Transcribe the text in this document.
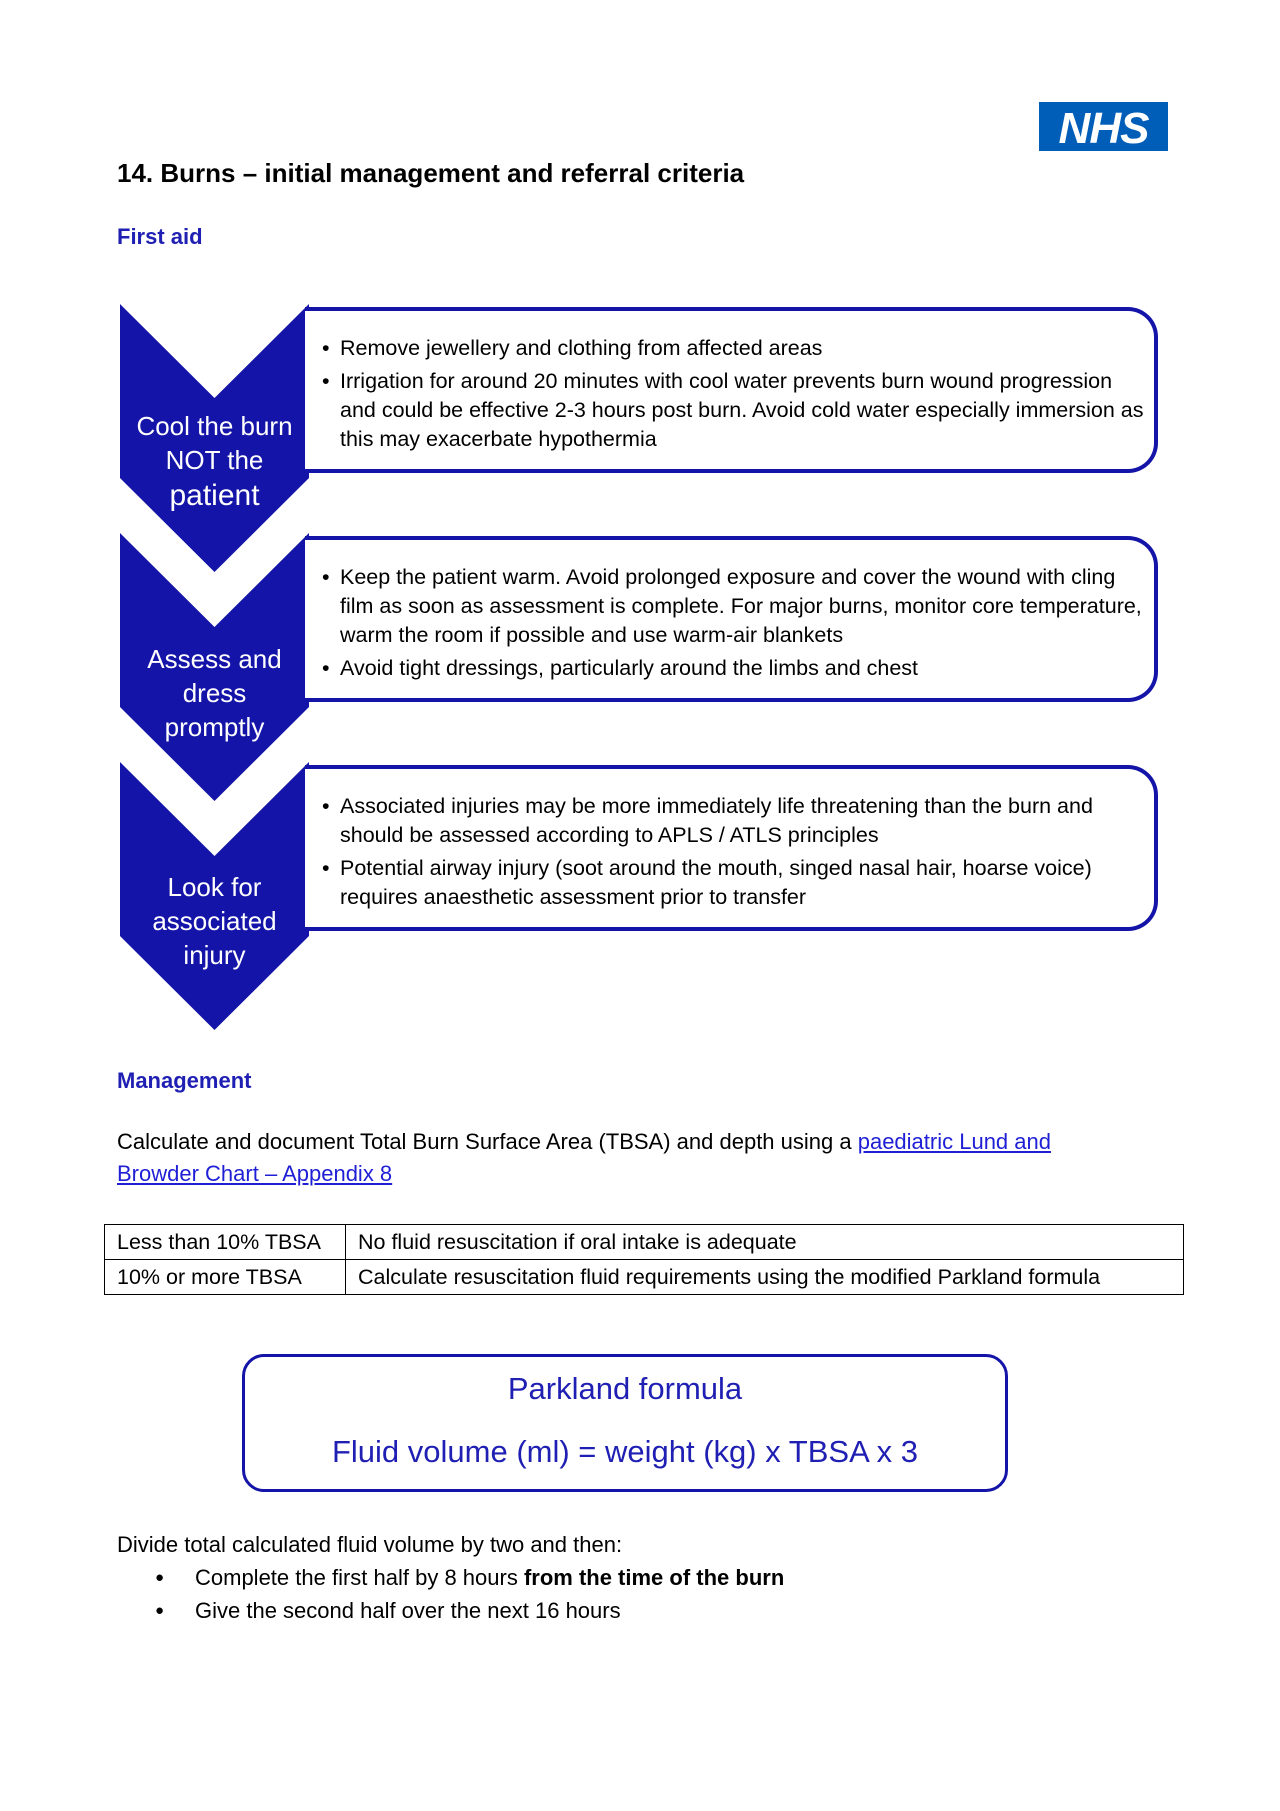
NHS
14. Burns – initial management and referral criteria
First aid
Cool the burn
NOT the
patient
• Remove jewellery and clothing from affected areas
• Irrigation for around 20 minutes with cool water prevents burn wound progression and could be effective 2-3 hours post burn. Avoid cold water especially immersion as this may exacerbate hypothermia
Assess and
dress
promptly
• Keep the patient warm. Avoid prolonged exposure and cover the wound with cling film as soon as assessment is complete. For major burns, monitor core temperature, warm the room if possible and use warm-air blankets
• Avoid tight dressings, particularly around the limbs and chest
Look for
associated
injury
• Associated injuries may be more immediately life threatening than the burn and should be assessed according to APLS / ATLS principles
• Potential airway injury (soot around the mouth, singed nasal hair, hoarse voice) requires anaesthetic assessment prior to transfer
Management
Calculate and document Total Burn Surface Area (TBSA) and depth using a paediatric Lund and Browder Chart – Appendix 8
Less than 10% TBSA	No fluid resuscitation if oral intake is adequate
10% or more TBSA	Calculate resuscitation fluid requirements using the modified Parkland formula
Parkland formula
Fluid volume (ml) = weight (kg) x TBSA x 3
Divide total calculated fluid volume by two and then:
● Complete the first half by 8 hours from the time of the burn
● Give the second half over the next 16 hours
